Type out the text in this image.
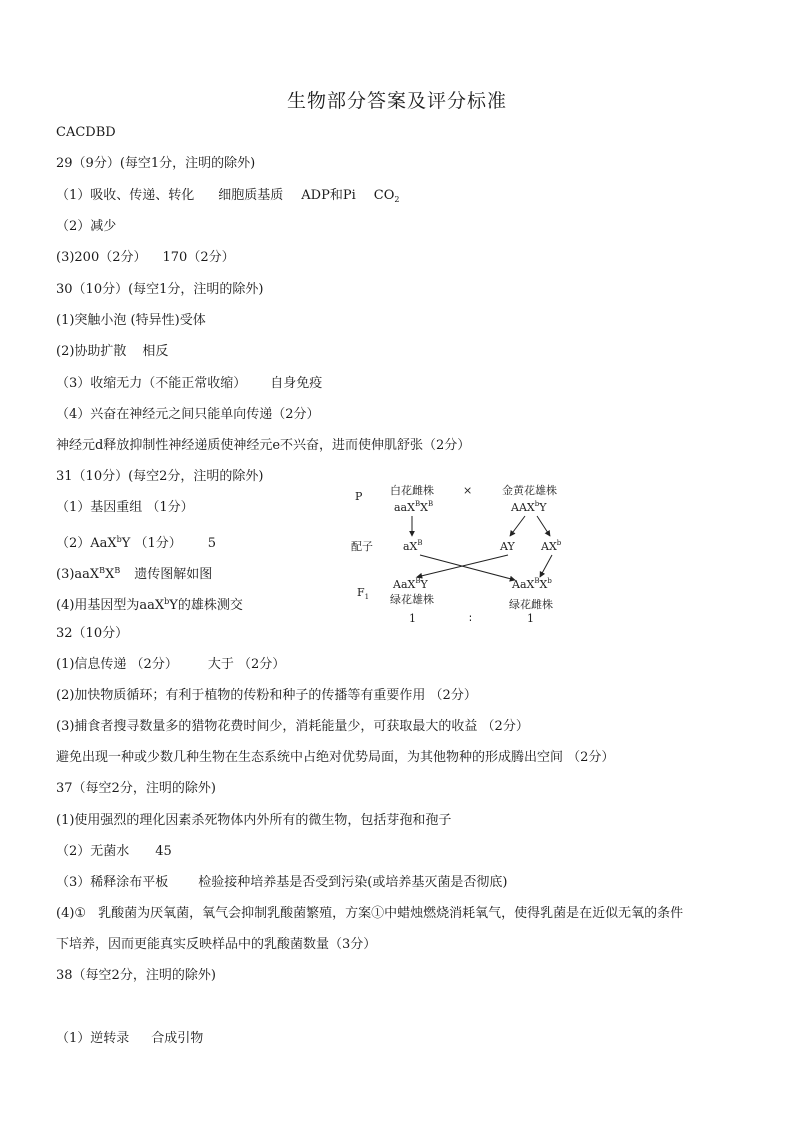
生物部分答案及评分标准
CACDBD
29（9分）(每空1分，注明的除外)
（1）吸收、传递、转化 细胞质基质 ADP和Pi $CO_2$
（2）减少
(3)200（2分） 170（2分）
30（10分）(每空1分，注明的除外)
(1)突触小泡 (特异性)受体
(2)协助扩散 相反
（3）收缩无力（不能正常收缩） 自身免疫
（4）兴奋在神经元之间只能单向传递（2分）
神经元d释放抑制性神经递质使神经元e不兴奋，进而使伸肌舒张（2分）
31（10分）(每空2分，注明的除外)
（1）基因重组 （1分）
（2）AaX$^b$Y （1分） 5
$(3)aaX^BX^B$ 遗传图解如图
(4)用基因型为aaX$^b$Y的雄株测交
P
配子
$F_1$
白花雌株
$aaX^BX^B$
×	金黄花雄株
AAX$^b$Y
$aX^B$	AY $AX^b$
AaX$^B$Y
绿花雄株
$AaX^BX^b$
绿花雌株
1	∶	1
32（10分）
(1)信息传递 （2分） 大于 （2分）
(2)加快物质循环；有利于植物的传粉和种子的传播等有重要作用 （2分）
(3)捕食者搜寻数量多的猎物花费时间少，消耗能量少，可获取最大的收益 （2分）
避免出现一种或少数几种生物在生态系统中占绝对优势局面，为其他物种的形成腾出空间 （2分）
37（每空2分，注明的除外)
(1)使用强烈的理化因素杀死物体内外所有的微生物，包括芽孢和孢子
（2）无菌水 45
（3）稀释涂布平板 检验接种培养基是否受到污染(或培养基灭菌是否彻底)
(4)① 乳酸菌为厌氧菌，氧气会抑制乳酸菌繁殖，方案①中蜡烛燃烧消耗氧气，使得乳菌是在近似无氧的条件
下培养，因而更能真实反映样品中的乳酸菌数量（3分）
38（每空2分，注明的除外)
（1）逆转录 合成引物
